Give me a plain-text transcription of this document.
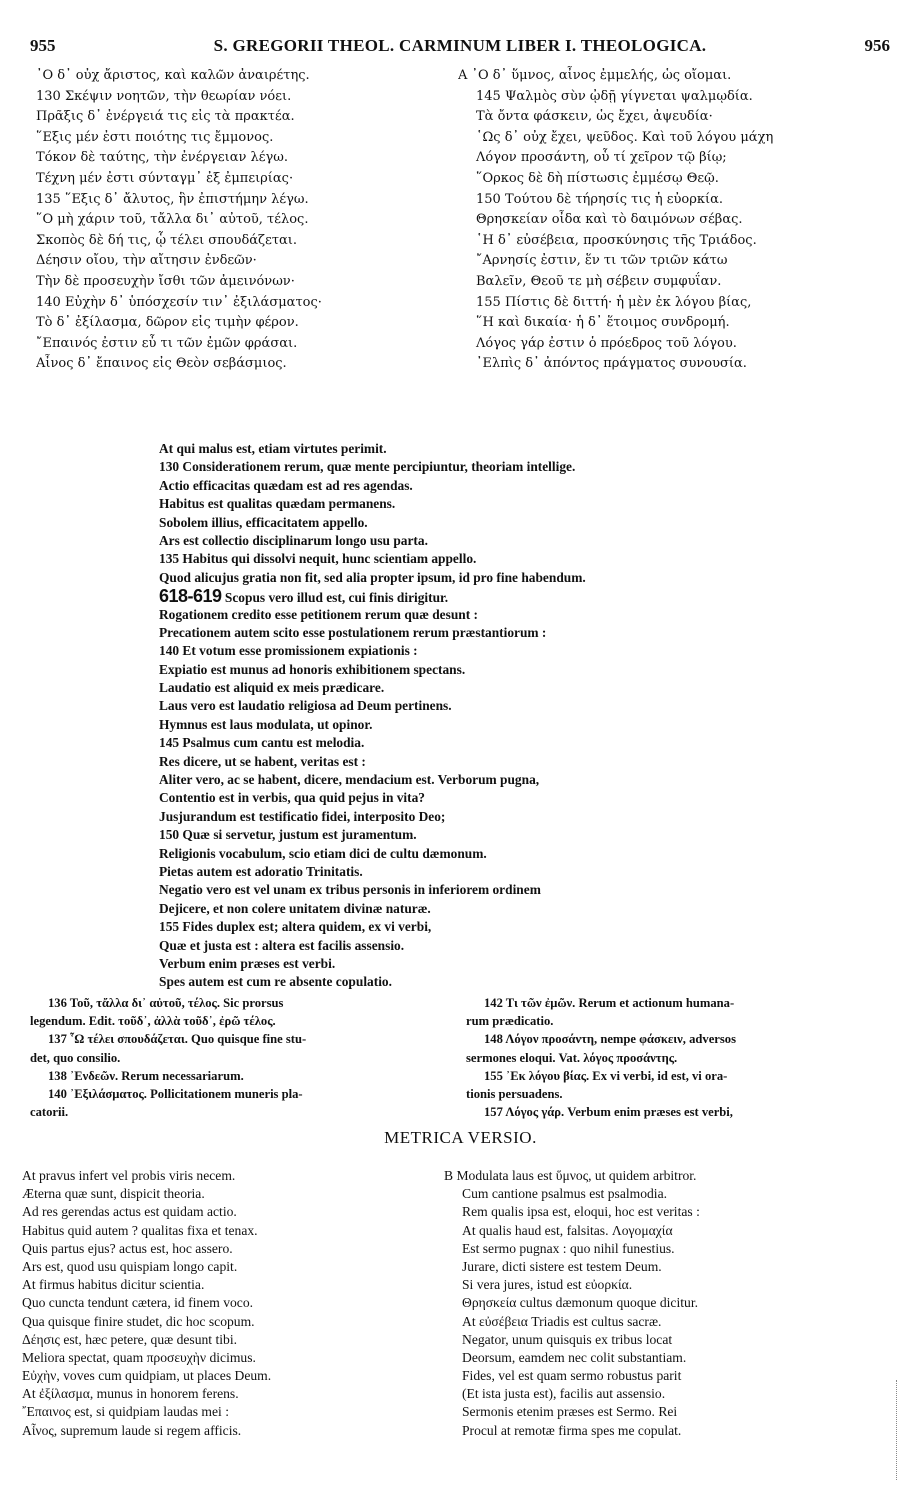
955	S. GREGORII THEOL. CARMINUM LIBER I. THEOLOGICA.	956
᾿Ο δ᾿ οὐχ ἄριστος, καὶ καλῶν ἀναιρέτης.
130 Σκέψιν νοητῶν, τὴν θεωρίαν νόει.
Πρᾶξις δ᾿ ἐνέργειά τις εἰς τὰ πρακτέα.
῞Εξις μέν ἐστι ποιότης τις ἔμμονος.
Τόκον δὲ ταύτης, τὴν ἐνέργειαν λέγω.
Τέχνη μέν ἐστι σύνταγμ᾿ ἐξ ἐμπειρίας·
135 ῞Εξις δ᾿ ἄλυτος, ἣν ἐπιστήμην λέγω.
῞Ο μὴ χάριν τοῦ, τἄλλα δι᾿ αὐτοῦ, τέλος.
Σκοπὸς δὲ δή τις, ᾧ τέλει σπουδάζεται.
Δέησιν οἴου, τὴν αἴτησιν ἐνδεῶν·
Τὴν δὲ προσευχὴν ἴσθι τῶν ἀμεινόνων·
140 Εὐχὴν δ᾿ ὑπόσχεσίν τιν᾿ ἐξιλάσματος·
Τὸ δ᾿ ἐξίλασμα, δῶρον εἰς τιμὴν φέρον.
῎Επαινός ἐστιν εὖ τι τῶν ἐμῶν φράσαι.
Αἶνος δ᾿ ἔπαινος εἰς Θεὸν σεβάσμιος.
A ᾿Ο δ᾿ ὕμνος, αἶνος ἐμμελής, ὡς οἴομαι.
145 Ψαλμὸς σὺν ᾠδῇ γίγνεται ψαλμῳδία.
Τὰ ὄντα φάσκειν, ὡς ἔχει, ἀψευδία·
῾Ως δ᾿ οὐχ ἔχει, ψεῦδος. Καὶ τοῦ λόγου μάχη
Λόγον προσάντη, οὗ τί χεῖρον τῷ βίῳ;
῞Ορκος δὲ δὴ πίστωσις ἐμμέσῳ Θεῷ.
150 Τούτου δὲ τήρησίς τις ἡ εὐορκία.
Θρησκείαν οἶδα καὶ τὸ δαιμόνων σέβας.
῾Η δ᾿ εὐσέβεια, προσκύνησις τῆς Τριάδος.
῎Αρνησίς ἐστιν, ἕν τι τῶν τριῶν κάτω
Βαλεῖν, Θεοῦ τε μὴ σέβειν συμφυΐαν.
155 Πίστις δὲ διττή· ἡ μὲν ἐκ λόγου βίας,
῞Η καὶ δικαία· ἡ δ᾿ ἕτοιμος συνδρομή.
Λόγος γάρ ἐστιν ὁ πρόεδρος τοῦ λόγου.
᾿Ελπὶς δ᾿ ἀπόντος πράγματος συνουσία.
At qui malus est, etiam virtutes perimit.
130 Considerationem rerum, quæ mente percipiuntur, theoriam intellige.
Actio efficacitas quædam est ad res agendas.
Habitus est qualitas quædam permanens.
Sobolem illius, efficacitatem appello.
Ars est collectio disciplinarum longo usu parta.
135 Habitus qui dissolvi nequit, hunc scientiam appello.
Quod alicujus gratia non fit, sed alia propter ipsum, id pro fine habendum.
618-619 Scopus vero illud est, cui finis dirigitur.
Rogationem credito esse petitionem rerum quæ desunt :
Precationem autem scito esse postulationem rerum præstantiorum :
140 Et votum esse promissionem expiationis :
Expiatio est munus ad honoris exhibitionem spectans.
Laudatio est aliquid ex meis prædicare.
Laus vero est laudatio religiosa ad Deum pertinens.
Hymnus est laus modulata, ut opinor.
145 Psalmus cum cantu est melodia.
Res dicere, ut se habent, veritas est :
Aliter vero, ac se habent, dicere, mendacium est. Verborum pugna,
Contentio est in verbis, qua quid pejus in vita?
Jusjurandum est testificatio fidei, interposito Deo;
150 Quæ si servetur, justum est juramentum.
Religionis vocabulum, scio etiam dici de cultu dæmonum.
Pietas autem est adoratio Trinitatis.
Negatio vero est vel unam ex tribus personis in inferiorem ordinem
Dejicere, et non colere unitatem divinæ naturæ.
155 Fides duplex est; altera quidem, ex vi verbi,
Quæ et justa est : altera est facilis assensio.
Verbum enim præses est verbi.
Spes autem est cum re absente copulatio.
136 Τοῦ, τἄλλα δι᾿ αὐτοῦ, τέλος. Sic prorsus
legendum. Edit. τοῦδ᾿, ἀλλὰ τοῦδ᾿, ἐρῶ τέλος.
137 ῟Ω τέλει σπουδάζεται. Quo quisque fine stu-
det, quo consilio.
138 ᾿Ενδεῶν. Rerum necessariarum.
140 ᾿Εξιλάσματος. Pollicitationem muneris pla-
catorii.
142 Τι τῶν ἐμῶν. Rerum et actionum humana-
rum prædicatio.
148 Λόγον προσάντη, nempe φάσκειν, adversos
sermones eloqui. Vat. λόγος προσάντης.
155 ᾿Εκ λόγου βίας. Ex vi verbi, id est, vi ora-
tionis persuadens.
157 Λόγος γάρ. Verbum enim præses est verbi,
METRICA VERSIO.
At pravus infert vel probis viris necem.
Æterna quæ sunt, dispicit theoria.
Ad res gerendas actus est quidam actio.
Habitus quid autem ? qualitas fixa et tenax.
Quis partus ejus? actus est, hoc assero.
Ars est, quod usu quispiam longo capit.
At firmus habitus dicitur scientia.
Quo cuncta tendunt cætera, id finem voco.
Qua quisque finire studet, dic hoc scopum.
Δέησις est, hæc petere, quæ desunt tibi.
Meliora spectat, quam προσευχὴν dicimus.
Εὐχὴν, voves cum quidpiam, ut places Deum.
At ἐξίλασμα, munus in honorem ferens.
῎Επαινος est, si quidpiam laudas mei :
Αἶνος, supremum laude si regem afficis.
B Modulata laus est ὕμνος, ut quidem arbitror.
Cum cantione psalmus est psalmodia.
Rem qualis ipsa est, eloqui, hoc est veritas :
At qualis haud est, falsitas. Λογομαχία
Est sermo pugnax : quo nihil funestius.
Jurare, dicti sistere est testem Deum.
Si vera jures, istud est εὐορκία.
Θρησκεία cultus dæmonum quoque dicitur.
At εὐσέβεια Triadis est cultus sacræ.
Negator, unum quisquis ex tribus locat
Deorsum, eamdem nec colit substantiam.
Fides, vel est quam sermo robustus parit
(Et ista justa est), facilis aut assensio.
Sermonis etenim præses est Sermo. Rei
Procul at remotæ firma spes me copulat.
